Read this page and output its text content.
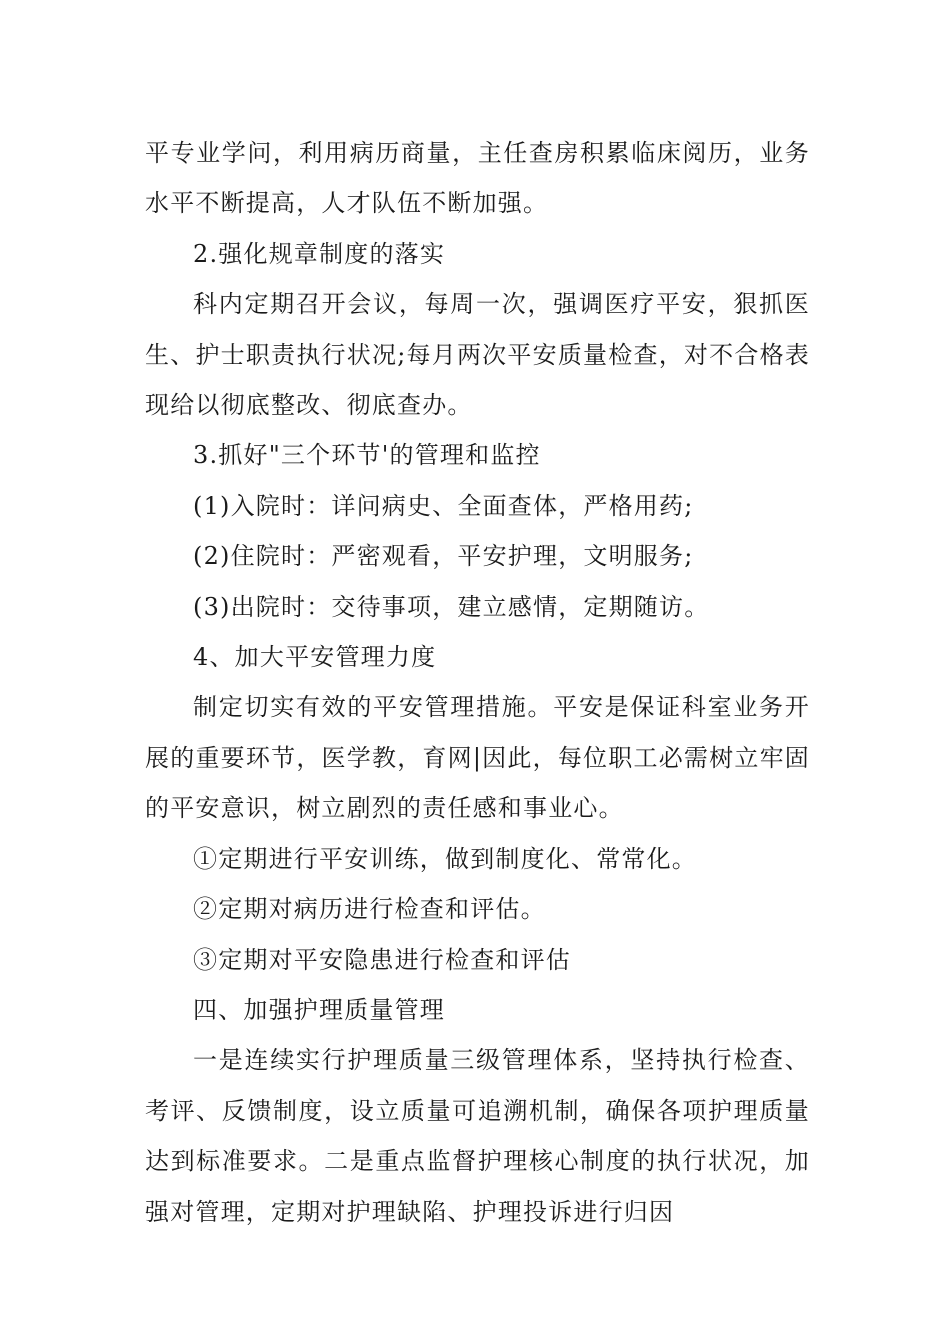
平专业学问，利用病历商量，主任查房积累临床阅历，业务水平不断提高，人才队伍不断加强。

2.强化规章制度的落实

科内定期召开会议，每周一次，强调医疗平安，狠抓医生、护士职责执行状况;每月两次平安质量检查，对不合格表现给以彻底整改、彻底查办。

3.抓好"三个环节'的管理和监控

(1)入院时：详问病史、全面查体，严格用药;

(2)住院时：严密观看，平安护理，文明服务;

(3)出院时：交待事项，建立感情，定期随访。

4、加大平安管理力度

制定切实有效的平安管理措施。平安是保证科室业务开展的重要环节，医学教，育网|因此，每位职工必需树立牢固的平安意识，树立剧烈的责任感和事业心。

①定期进行平安训练，做到制度化、常常化。

②定期对病历进行检查和评估。

③定期对平安隐患进行检查和评估

四、加强护理质量管理

一是连续实行护理质量三级管理体系，坚持执行检查、考评、反馈制度，设立质量可追溯机制，确保各项护理质量达到标准要求。二是重点监督护理核心制度的执行状况，加强对管理，定期对护理缺陷、护理投诉进行归因
